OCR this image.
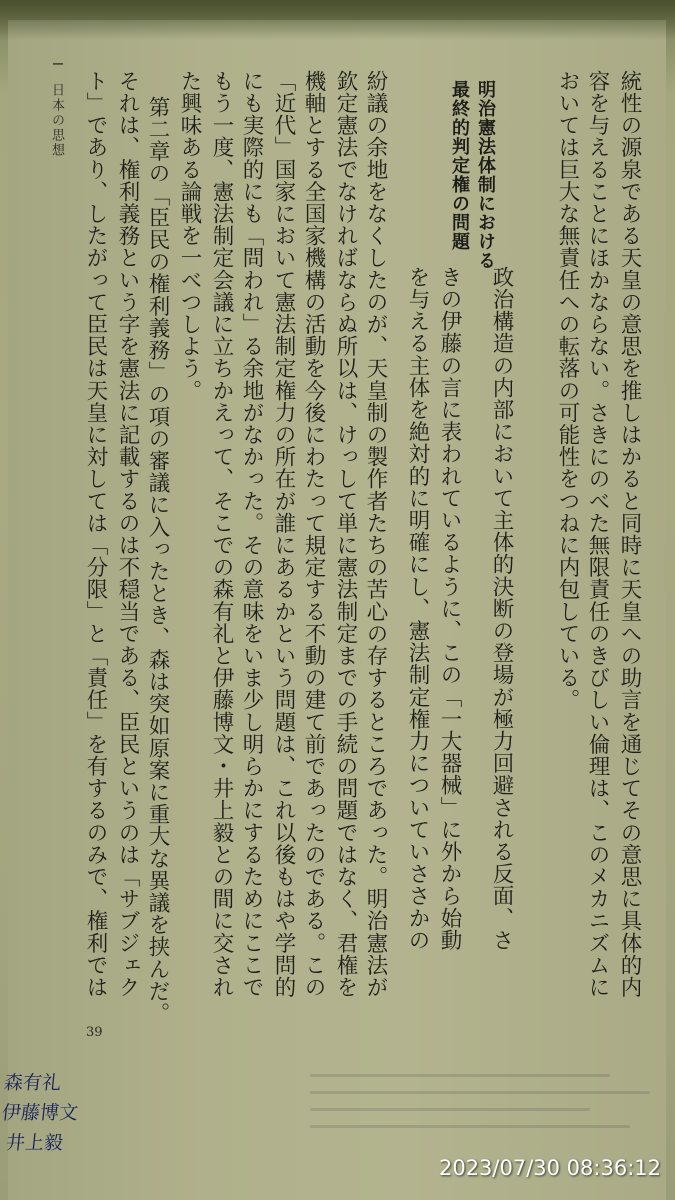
I　日本の思想	統性の源泉である天皇の意思を推しはかると同時に天皇への助言を通じてその意思に具体的内
容を与えることにほかならない。さきにのべた無限責任のきびしい倫理は、このメカニズムに
おいては巨大な無責任への転落の可能性をつねに内包している。
明治憲法体制における
最終的判定権の問題
政治構造の内部において主体的決断の登場が極力回避される反面、さ
きの伊藤の言に表われているように、この「一大器械」に外から始動
を与える主体を絶対的に明確にし、憲法制定権力についていささかの
紛議の余地をなくしたのが、天皇制の製作者たちの苦心の存するところであった。明治憲法が
欽定憲法でなければならぬ所以は、けっして単に憲法制定までの手続の問題ではなく、君権を
機軸とする全国家機構の活動を今後にわたって規定する不動の建て前であったのである。この
「近代」国家において憲法制定権力の所在が誰にあるかという問題は、これ以後もはや学問的
にも実際的にも「問われ」る余地がなかった。その意味をいま少し明らかにするためにここで
もう一度、憲法制定会議に立ちかえって、そこでの森有礼と伊藤博文・井上毅との間に交され
た興味ある論戦を一べつしよう。
第二章の「臣民の権利義務」の項の審議に入ったとき、森は突如原案に重大な異議を挟んだ。
それは、権利義務という字を憲法に記載するのは不穏当である、臣民というのは「サブジェク
ト」であり、したがって臣民は天皇に対しては「分限」と「責任」を有するのみで、権利では
39
森有礼
伊藤博文
井上毅
2023/07/30 08:36:12
